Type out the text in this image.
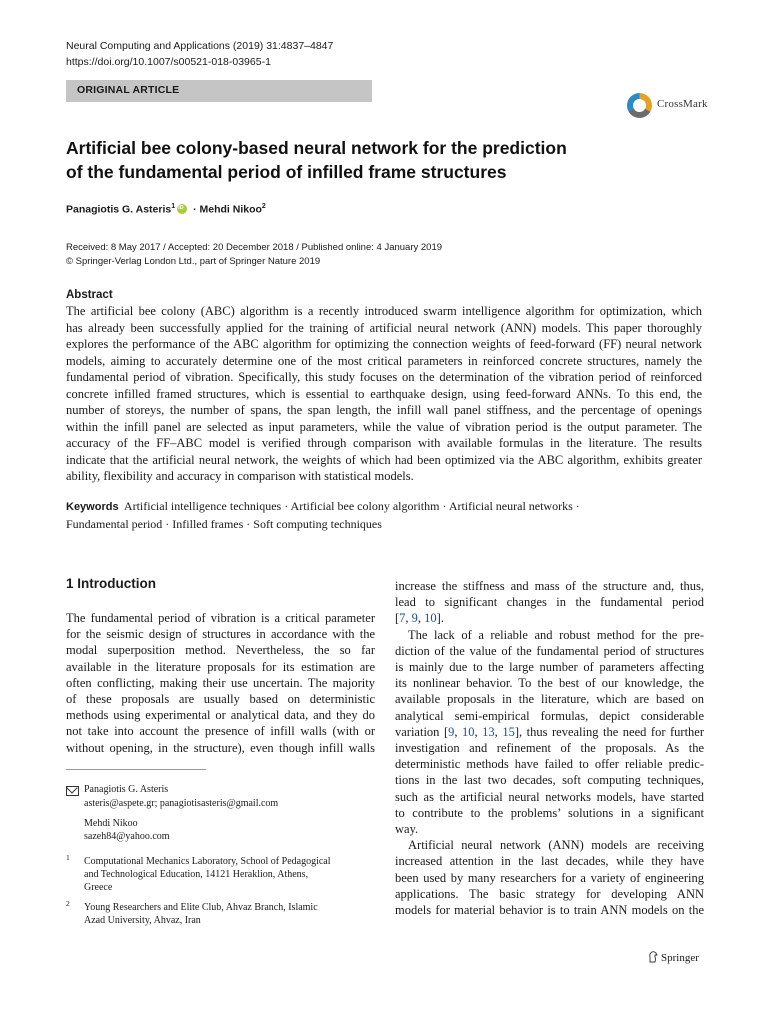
Neural Computing and Applications (2019) 31:4837–4847
https://doi.org/10.1007/s00521-018-03965-1
ORIGINAL ARTICLE
CrossMark
Artificial bee colony-based neural network for the prediction
of the fundamental period of infilled frame structures
Panagiotis G. Asteris$^1$iD · Mehdi Nikoo$^2$
Received: 8 May 2017 / Accepted: 20 December 2018 / Published online: 4 January 2019
© Springer-Verlag London Ltd., part of Springer Nature 2019
Abstract
The artificial bee colony (ABC) algorithm is a recently introduced swarm intelligence algorithm for optimization, which
has already been successfully applied for the training of artificial neural network (ANN) models. This paper thoroughly
explores the performance of the ABC algorithm for optimizing the connection weights of feed-forward (FF) neural network
models, aiming to accurately determine one of the most critical parameters in reinforced concrete structures, namely the
fundamental period of vibration. Specifically, this study focuses on the determination of the vibration period of reinforced
concrete infilled framed structures, which is essential to earthquake design, using feed-forward ANNs. To this end, the
number of storeys, the number of spans, the span length, the infill wall panel stiffness, and the percentage of openings
within the infill panel are selected as input parameters, while the value of vibration period is the output parameter. The
accuracy of the FF–ABC model is verified through comparison with available formulas in the literature. The results
indicate that the artificial neural network, the weights of which had been optimized via the ABC algorithm, exhibits greater
ability, flexibility and accuracy in comparison with statistical models.
Keywords Artificial intelligence techniques · Artificial bee colony algorithm · Artificial neural networks ·
Fundamental period · Infilled frames · Soft computing techniques
1 Introduction
The fundamental period of vibration is a critical parameter
for the seismic design of structures in accordance with the
modal superposition method. Nevertheless, the so far
available in the literature proposals for its estimation are
often conflicting, making their use uncertain. The majority
of these proposals are usually based on deterministic
methods using experimental or analytical data, and they do
not take into account the presence of infill walls (with or
without opening, in the structure), even though infill walls
Panagiotis G. Asteris
asteris@aspete.gr; panagiotisasteris@gmail.com
Mehdi Nikoo
sazeh84@yahoo.com
1 Computational Mechanics Laboratory, School of Pedagogical
and Technological Education, 14121 Heraklion, Athens,
Greece
2 Young Researchers and Elite Club, Ahvaz Branch, Islamic
Azad University, Ahvaz, Iran
increase the stiffness and mass of the structure and, thus,
lead to significant changes in the fundamental period
[7, 9, 10].
The lack of a reliable and robust method for the pre-
diction of the value of the fundamental period of structures
is mainly due to the large number of parameters affecting
its nonlinear behavior. To the best of our knowledge, the
available proposals in the literature, which are based on
analytical semi-empirical formulas, depict considerable
variation [9, 10, 13, 15], thus revealing the need for further
investigation and refinement of the proposals. As the
deterministic methods have failed to offer reliable predic-
tions in the last two decades, soft computing techniques,
such as the artificial neural networks models, have started
to contribute to the problems’ solutions in a significant
way.
Artificial neural network (ANN) models are receiving
increased attention in the last decades, while they have
been used by many researchers for a variety of engineering
applications. The basic strategy for developing ANN
models for material behavior is to train ANN models on the
Springer
